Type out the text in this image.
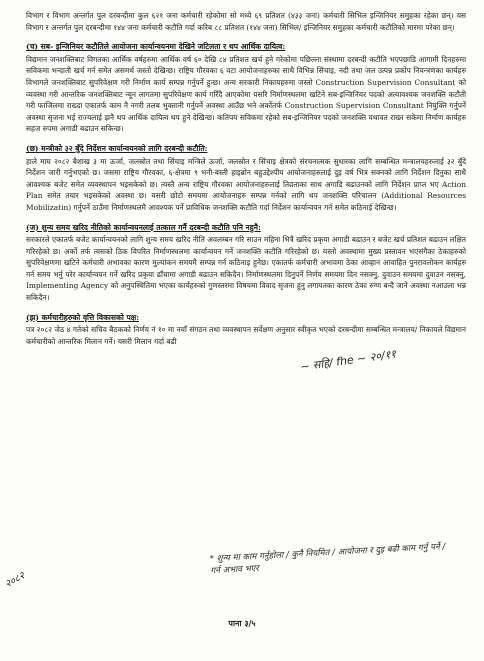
विभाग र विभाग अन्तर्गत पुल दरबन्दीमा कुल ६२१ जना कर्मचारी रहेकोमा सो मध्ये ६९ प्रतिशत (४३३ जना) कर्मचारी सिभिल इन्जिनियर समुहका रहेका छन्। यस विभाग र अन्तर्गत पुल दरबन्दीमा १४४ जना कर्मचारी कटौति गर्दा करिब ८८ प्रतिशत (१४४ जना) सिभिल/ इन्जिनियर समुहका कर्मचारी कटौतिको मारमा परेका छन्।

(च) सब- इन्जिनियर कटौतिले आयोजना कार्यान्वयनमा देखिने जटिलता र थप आर्थिक दायित्व:

विद्यमान जनशक्तिबाट विगतका आर्थिक वर्षहरुमा आर्थिक वर्ष ६० देखि ८४ प्रतिशत खर्च हुने गरेकोमा पछिल्ला संस्थामा दरबन्दी कटौति भएपछाडि आगामी दिनहरुमा सविकमा भन्दाती खर्च गर्न समेत असमर्थ जस्तो देखिन्छ। राष्ट्रिय गौरवका ६ वटा आयोजनाहरुका साथै विभिन्न सिंचाइ, नदी तथा जल उत्पन्न प्रकोप नियन्त्रणका कार्यहरु विभागले जनशक्तिबाट सुपरिवेक्षण गरी निर्माण कार्य सम्पन्न गर्नुपर्ने हुन्छ। अन्य सरकारी निकायहरुमा जस्तो Construction Supervision Consultant को व्यवस्था गरी आन्तरिक जनशक्तिबाट न्यून लागतमा सुपरिवेक्षण कार्य गरिँदै आएकोमा यसरि निर्माणस्थलमा खटिने सब-इन्जिनियर पदको अत्यावश्यक जनशक्ति कटौती गरी फाजिलमा राख्दा एकातर्फ काम नै नगरी तलब भुक्तानी गर्नुपर्ने अवस्था आउँछ भने अर्कोतर्फ Construction Supervision Consultant नियुक्ति गर्नुपर्ने अवस्था सृजना भई राज्यलाई झनै थप आर्थिक दायित्व थप हुने देखिन्छ। कतिपय सविकमा रहेको सब-इन्जिनियर पदको जनशक्ति यथावत राख्न सकेमा निर्माण कार्यहरु सहज रुपमा अगाडी बढाउन सकिन्छ।

(छ) मन्त्रीको ३२ बुँदे निर्देशन कार्यान्वयनको लागि दरबन्दी कटौति:

हाले माघ २०८२ बैशाख ३ मा ऊर्जा, जलस्रोत तथा सिंचाइ मन्त्रिले ऊर्जा, जलस्रोत र सिंचाइ क्षेत्रको संरचनात्मक सुधारका लागि सम्बन्धित मन्त्रालयहरुलाई ३२ बुँदे निर्देशन जारी गर्नुभएको छ। जसमा राष्ट्रिय गौरवका, ६-क्षेत्रमा ९ भनी-बस्ती हाइब्रोन बहुउद्देश्यीय आयोजनाहरुलाई दुइ वर्ष भित्र सक्नको लागि निर्देशन दिनुका साथै आवश्यक बजेट समेत व्यवस्थापन भइसकेको छ। त्यस्तै अन्य राष्ट्रिय गौरवका आयोजनाहरुलाई तिव्रताका साथ अगाडि बढाउनको लागि निर्देशन प्राप्त भए Action Plan समेत तयार भइसकेको अवस्था छ। यसरी छोटो समयमा आयोजनाहरु सम्पन्न गर्नको लागि थप जनशक्ति परिचालन (Additional Resources Mobilizatin) गर्नुपर्ने ठाउँमा निर्माणस्थलमै आवश्यक पर्ने प्राविधिक जनशक्ति कटौति गर्दा निर्देशन कार्यान्वयन गर्न समेत कठिनाई देखिन्छ।

(ज) शुन्य समय खरिद नीतिको कार्यान्वयनलाई तत्काल गर्नै दरबन्दी कटौति पनि नहुनै:

सरकारले एकातर्फ बजेट कार्यान्वयनको लागि शुन्य समय खरिद नीति अवलम्बन गरि साउन महिना भित्रै खरिद प्रकृया अगाडी बढाउन र बजेट खर्च प्रतिशत बढाउन लक्षित गरिरहेको छ। अर्को तर्फ त्यसको ठिक विपरित निर्माणस्थलमा कार्यान्वयन गर्ने जनशक्ति कटौति गरिरहेको छ। यस्तो अवस्थामा मुख्य प्रस्तावन भएसंगैका ठेकाहरुको सुपरिवेक्षणमा खटिने कर्मचारी अभावका कारण मुल्यांकन समयमै सम्पन्न गर्न कठिनाइ हुनेछ। एकातर्फ कर्मचारी अभावमा ठेका आव्हान आवाहित पुनरावलोकन कार्यहरु गर्न समय भर्नु परेर कार्यान्वयन गर्ने खरिद प्रकृया ढाँचामा अगाडी बढाउन सकिदैन। निर्माणस्थलमा दिनुपर्ने निर्णय समयमा दिन नसक्नु, दुवाउन समयमा दुवाउन नसक्नु, Implementing Agency को अनुपस्थितिमा भएका कार्यहरुको गुणस्तरमा विषयमा विवाद सृजना हुनु लगायतका कारण ठेका रुग्ण बन्दै जाने अवस्था नआउला भन्न सकिदैन।

(झ) कर्मचारीहरुको वृत्ति विकासको पक्ष:

पत्र २०८२ जेठ ४ गतेको सचिव बैठकको निर्णय नं १० मा नयाँ संगठन तथा व्यवस्थापन सर्वेक्षण अनुसार स्वीकृत भएको दरबन्दीमा सम्बन्धित मन्त्रालय/ निकायले विद्यमान कर्मचारीको आन्तरिक मिलान गर्ने। यसरी मिलान गर्दा बढी

~ सहि/ fhe ~ २०/११
* शुन्य मा काम गर्नुहोला / कुनै नियमित / आयोजना र दुइ बढी काम गर्नु पर्ने / गर्न अभाव भएर
२०८२
पाना ३/५
